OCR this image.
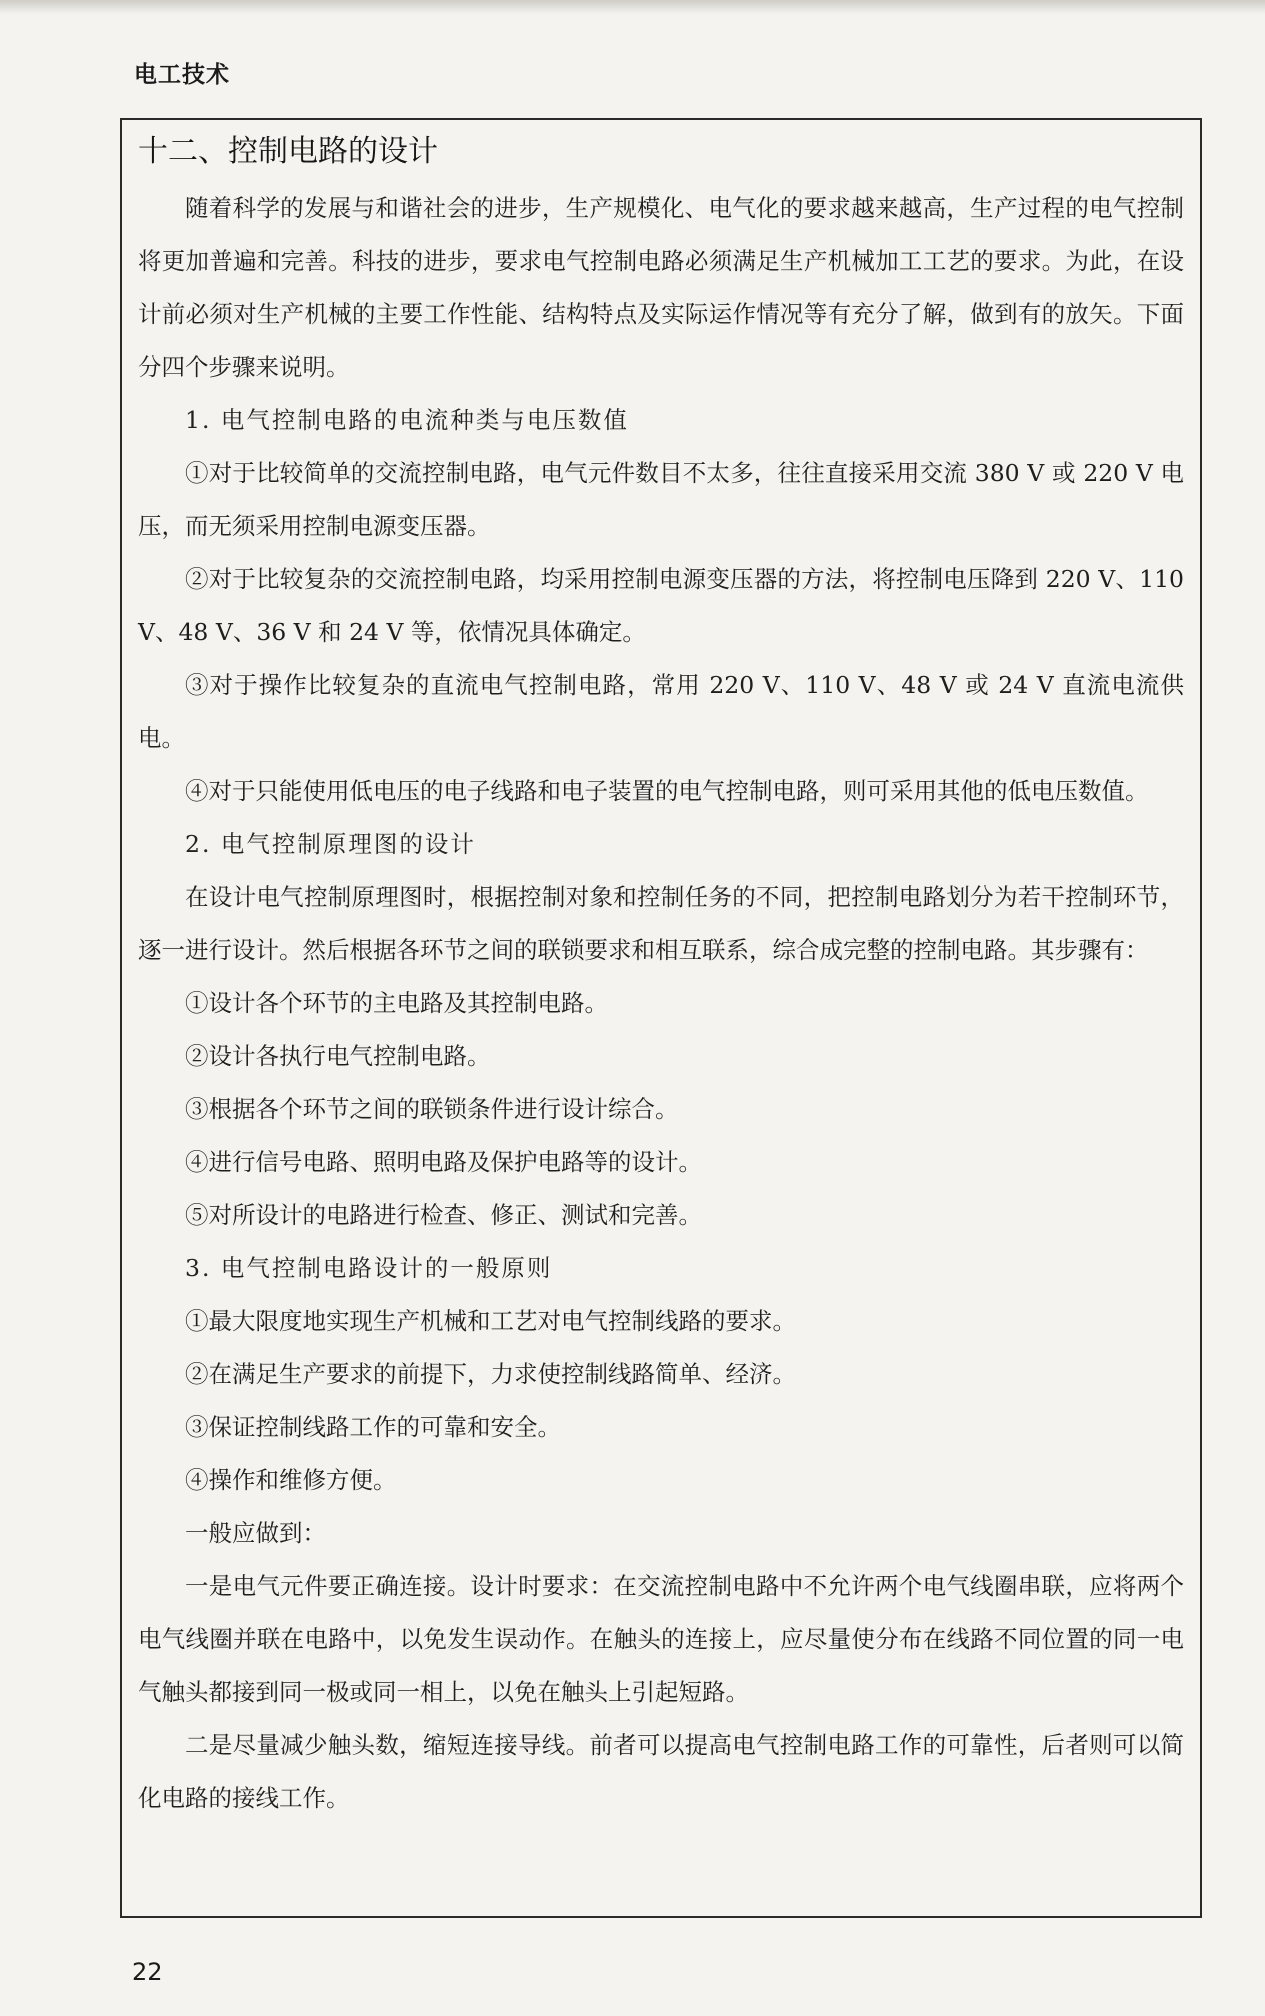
电工技术
十二、控制电路的设计

随着科学的发展与和谐社会的进步，生产规模化、电气化的要求越来越高，生产过程的电气控制将更加普遍和完善。科技的进步，要求电气控制电路必须满足生产机械加工工艺的要求。为此，在设计前必须对生产机械的主要工作性能、结构特点及实际运作情况等有充分了解，做到有的放矢。下面分四个步骤来说明。

1. 电气控制电路的电流种类与电压数值

①对于比较简单的交流控制电路，电气元件数目不太多，往往直接采用交流 380 V 或 220 V 电压，而无须采用控制电源变压器。

②对于比较复杂的交流控制电路，均采用控制电源变压器的方法，将控制电压降到 220 V、110 V、48 V、36 V 和 24 V 等，依情况具体确定。

③对于操作比较复杂的直流电气控制电路，常用 220 V、110 V、48 V 或 24 V 直流电流供电。

④对于只能使用低电压的电子线路和电子装置的电气控制电路，则可采用其他的低电压数值。

2. 电气控制原理图的设计

在设计电气控制原理图时，根据控制对象和控制任务的不同，把控制电路划分为若干控制环节，逐一进行设计。然后根据各环节之间的联锁要求和相互联系，综合成完整的控制电路。其步骤有：

①设计各个环节的主电路及其控制电路。

②设计各执行电气控制电路。

③根据各个环节之间的联锁条件进行设计综合。

④进行信号电路、照明电路及保护电路等的设计。

⑤对所设计的电路进行检查、修正、测试和完善。

3. 电气控制电路设计的一般原则

①最大限度地实现生产机械和工艺对电气控制线路的要求。

②在满足生产要求的前提下，力求使控制线路简单、经济。

③保证控制线路工作的可靠和安全。

④操作和维修方便。

一般应做到：

一是电气元件要正确连接。设计时要求：在交流控制电路中不允许两个电气线圈串联，应将两个电气线圈并联在电路中，以免发生误动作。在触头的连接上，应尽量使分布在线路不同位置的同一电气触头都接到同一极或同一相上，以免在触头上引起短路。

二是尽量减少触头数，缩短连接导线。前者可以提高电气控制电路工作的可靠性，后者则可以简化电路的接线工作。

22
